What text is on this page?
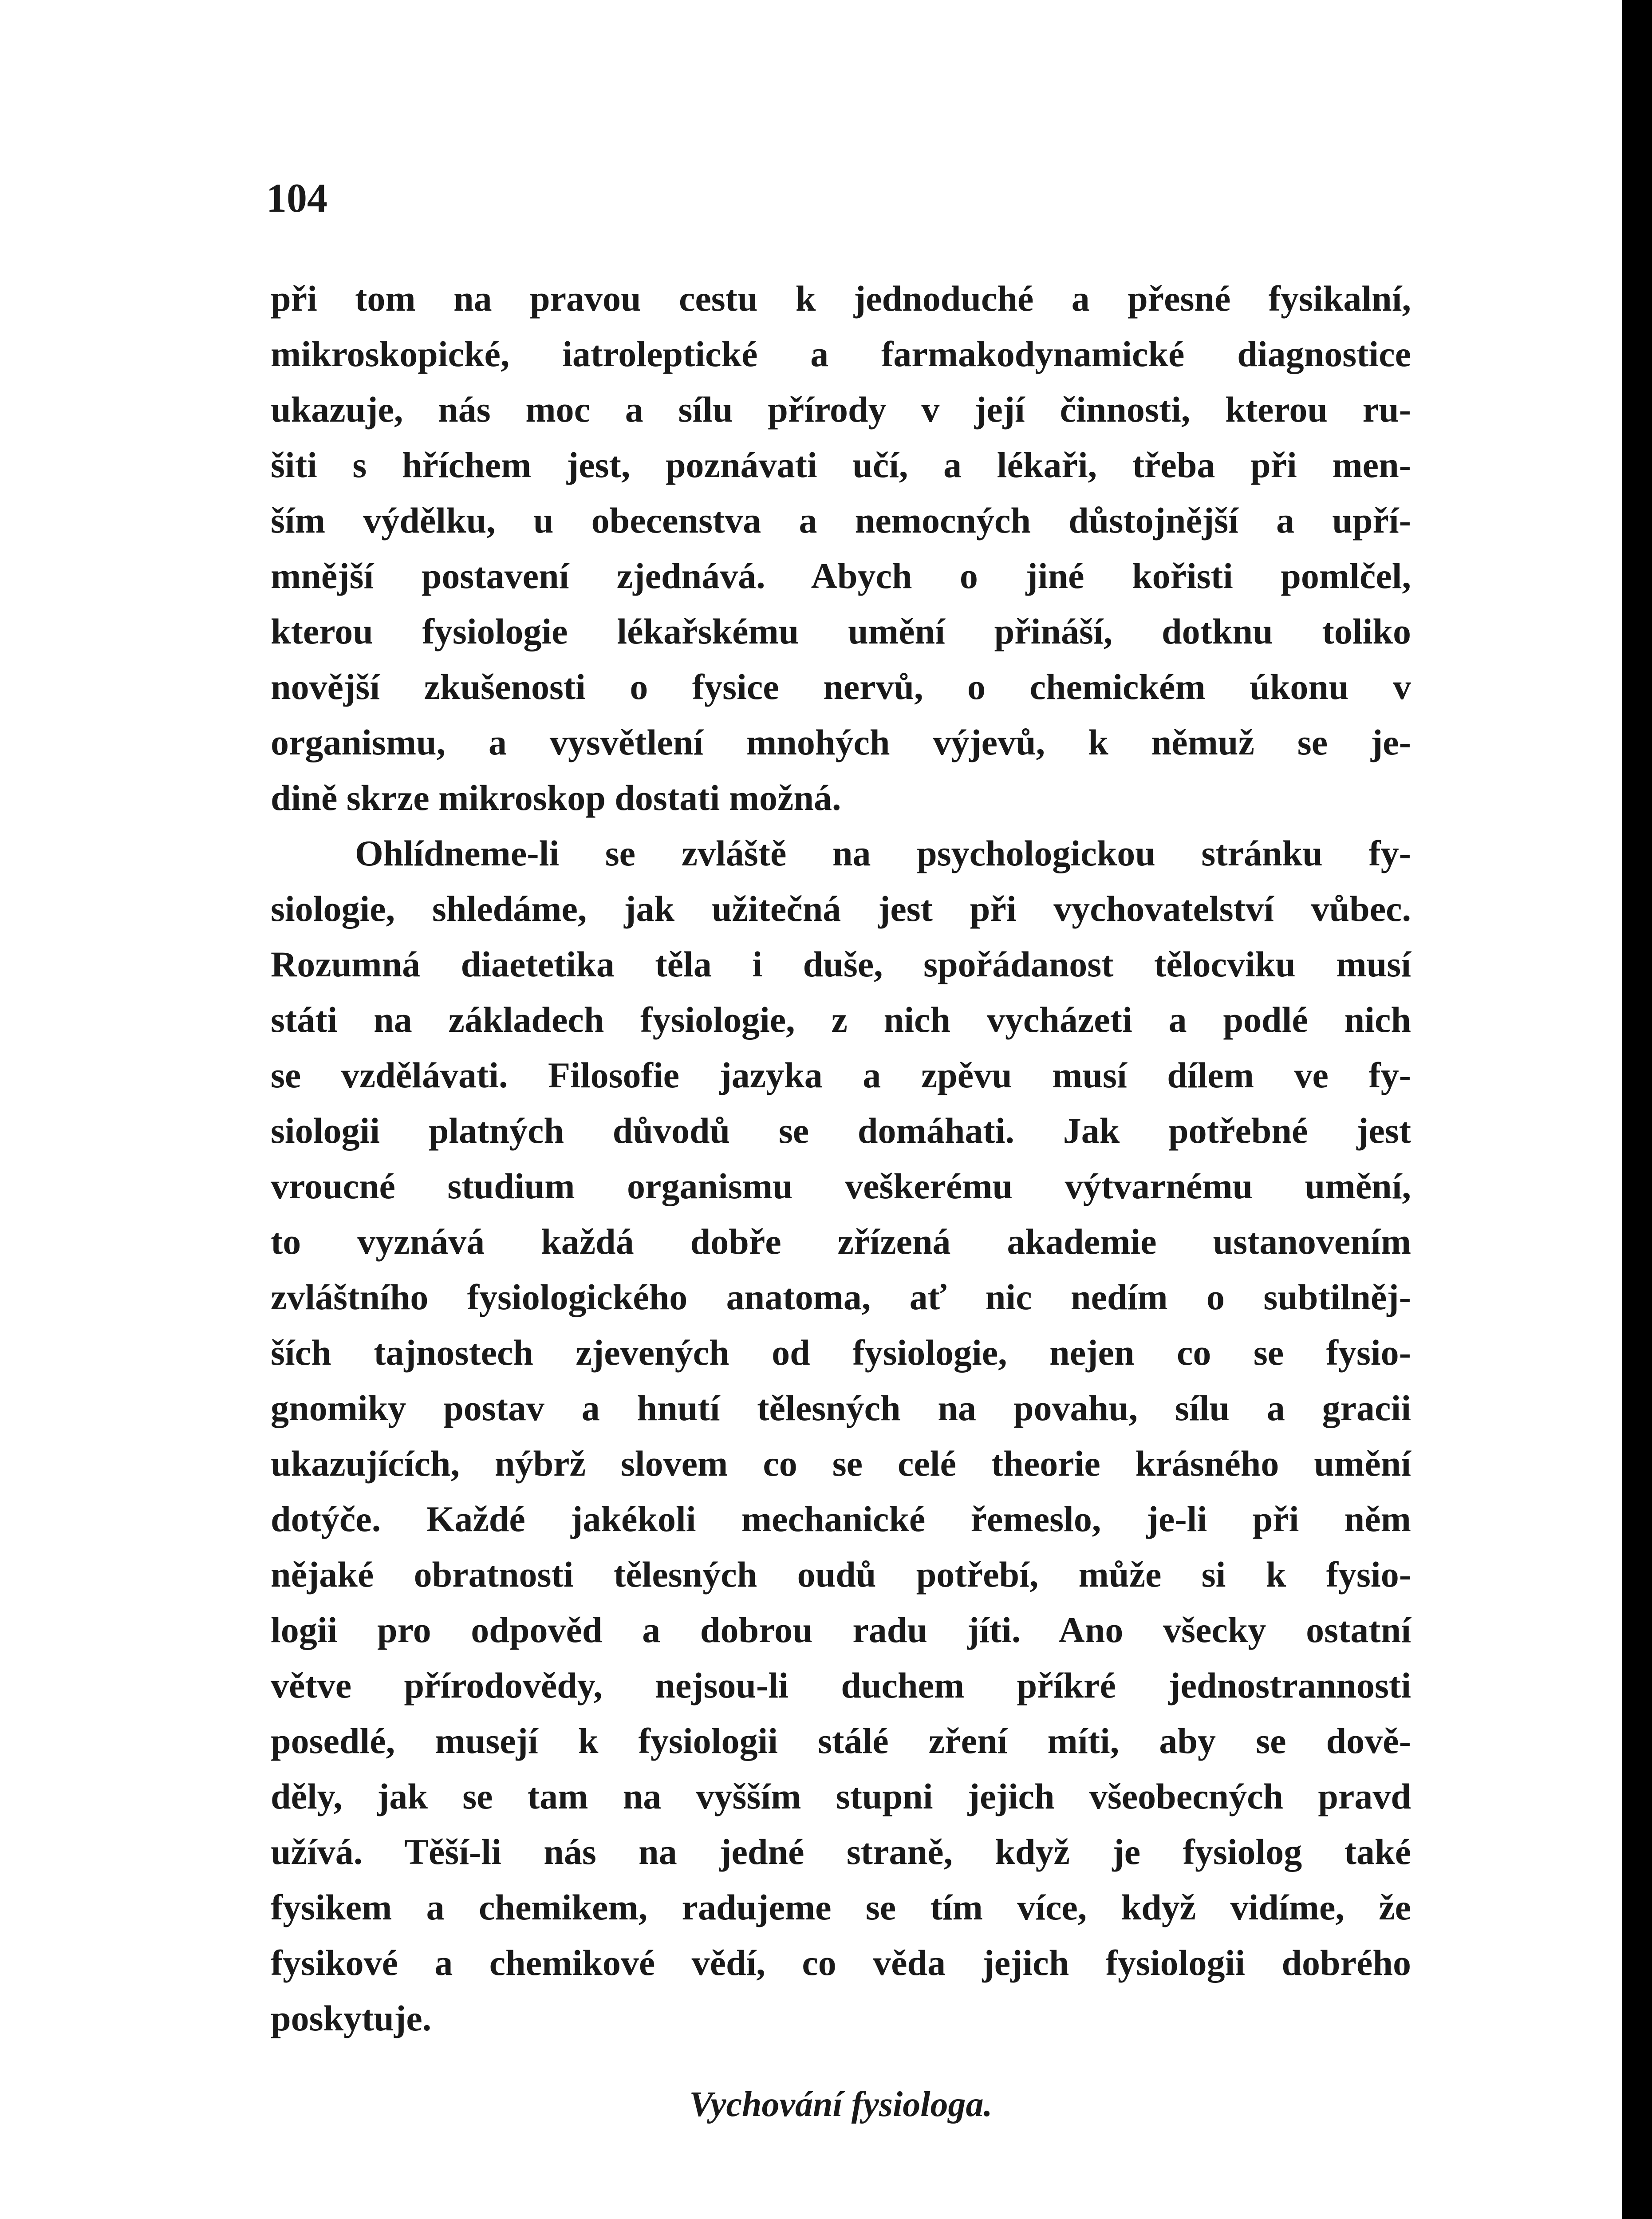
104
při tom na pravou cestu k jednoduché a přesné fysikalní,
mikroskopické, iatroleptické a farmakodynamické diagnostice
ukazuje, nás moc a sílu přírody v její činnosti, kterou ru-
šiti s hříchem jest, poznávati učí, a lékaři, třeba při men-
ším výdělku, u obecenstva a nemocných důstojnější a upří-
mnější postavení zjednává. Abych o jiné kořisti pomlčel,
kterou fysiologie lékařskému umění přináší, dotknu toliko
novější zkušenosti o fysice nervů, o chemickém úkonu v
organismu, a vysvětlení mnohých výjevů, k němuž se je-
dině skrze mikroskop dostati možná.
Ohlídneme-li se zvláště na psychologickou stránku fy-
siologie, shledáme, jak užitečná jest při vychovatelství vůbec.
Rozumná diaetetika těla i duše, spořádanost tělocviku musí
státi na základech fysiologie, z nich vycházeti a podlé nich
se vzdělávati. Filosofie jazyka a zpěvu musí dílem ve fy-
siologii platných důvodů se domáhati. Jak potřebné jest
vroucné studium organismu veškerému výtvarnému umění,
to vyznává každá dobře zřízená akademie ustanovením
zvláštního fysiologického anatoma, ať nic nedím o subtilněj-
ších tajnostech zjevených od fysiologie, nejen co se fysio-
gnomiky postav a hnutí tělesných na povahu, sílu a gracii
ukazujících, nýbrž slovem co se celé theorie krásného umění
dotýče. Každé jakékoli mechanické řemeslo, je-li při něm
nějaké obratnosti tělesných oudů potřebí, může si k fysio-
logii pro odpověd a dobrou radu jíti. Ano všecky ostatní
větve přírodovědy, nejsou-li duchem příkré jednostrannosti
posedlé, musejí k fysiologii stálé zření míti, aby se dově-
děly, jak se tam na vyšším stupni jejich všeobecných pravd
užívá. Těší-li nás na jedné straně, když je fysiolog také
fysikem a chemikem, radujeme se tím více, když vidíme, že
fysikové a chemikové vědí, co věda jejich fysiologii dobrého
poskytuje.
Vychování fysiologa.
